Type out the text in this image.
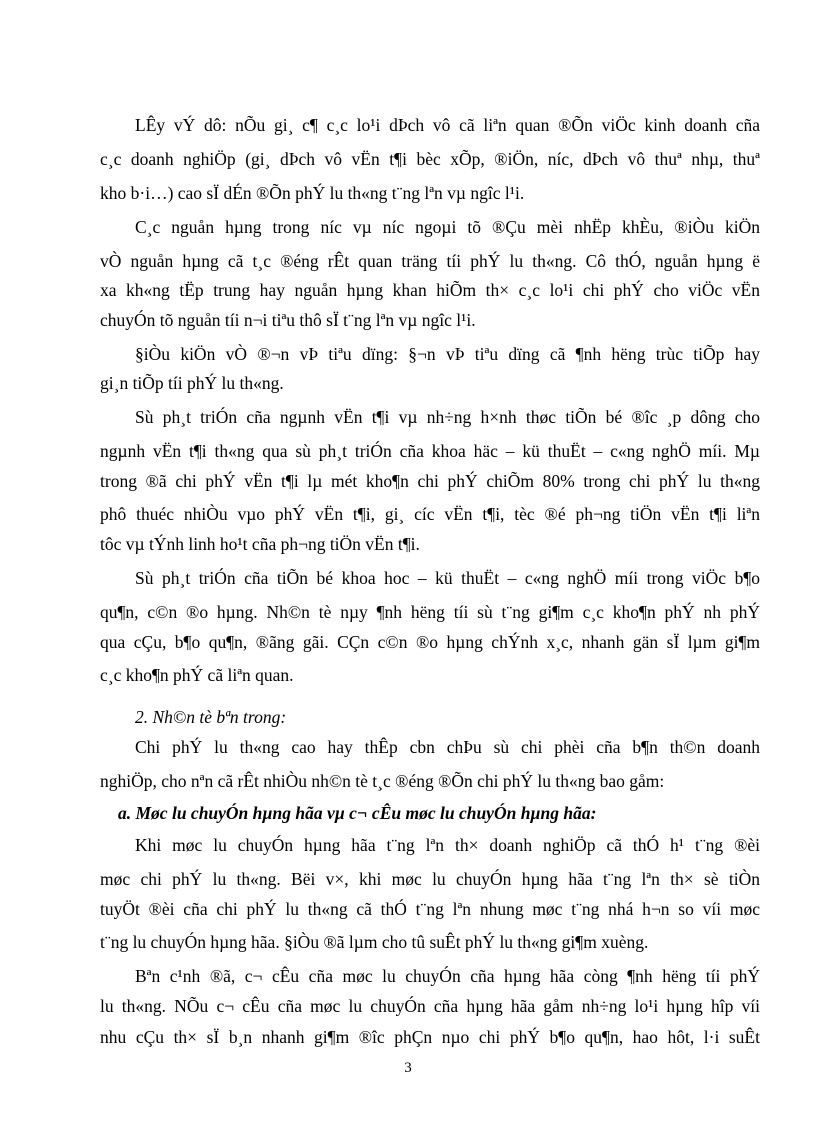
LÊy vÝ dô: nÕu gi¸ c¶ c¸c lo¹i dÞch vô cã liªn quan ®Õn viÖc kinh doanh cña
c¸c doanh nghiÖp (gi¸ dÞch vô vËn t¶i bèc xÕp, ®iÖn, níc, dÞch vô thuª nhµ, thuª
kho b·i…) cao sÏ dÉn ®Õn phÝ lu th«ng t¨ng lªn vµ ngîc l¹i.
C¸c nguån hµng trong níc vµ níc ngoµi tõ ®Çu mèi nhËp khÈu, ®iÒu kiÖn
vÒ nguån hµng cã t¸c ®éng rÊt quan träng tíi phÝ lu th«ng. Cô thÓ, nguån hµng ë
xa kh«ng tËp trung hay nguån hµng khan hiÕm th× c¸c lo¹i chi phÝ cho viÖc vËn
chuyÓn tõ nguån tíi n¬i tiªu thô sÏ t¨ng lªn vµ ngîc l¹i.
§iÒu kiÖn vÒ ®¬n vÞ tiªu dïng: §¬n vÞ tiªu dïng cã ¶nh hëng trùc tiÕp hay
gi¸n tiÕp tíi phÝ lu th«ng.
Sù ph¸t triÓn cña ngµnh vËn t¶i vµ nh÷ng h×nh thøc tiÕn bé ®îc ¸p dông cho
ngµnh vËn t¶i th«ng qua sù ph¸t triÓn cña khoa häc – kü thuËt – c«ng nghÖ míi. Mµ
trong ®ã chi phÝ vËn t¶i lµ mét kho¶n chi phÝ chiÕm 80% trong chi phÝ lu th«ng
phô thuéc nhiÒu vµo phÝ vËn t¶i, gi¸ cíc vËn t¶i, tèc ®é ph¬ng tiÖn vËn t¶i liªn
tôc vµ tÝnh linh ho¹t cña ph¬ng tiÖn vËn t¶i.
Sù ph¸t triÓn cña tiÕn bé khoa hoc – kü thuËt – c«ng nghÖ míi trong viÖc b¶o
qu¶n, c©n ®o hµng. Nh©n tè nµy ¶nh hëng tíi sù t¨ng gi¶m c¸c kho¶n phÝ nh phÝ
qua cÇu, b¶o qu¶n, ®ãng gãi. CÇn c©n ®o hµng chÝnh x¸c, nhanh gän sÏ lµm gi¶m
c¸c kho¶n phÝ cã liªn quan.
2. Nh©n tè bªn trong:
Chi phÝ lu th«ng cao hay thÊp cbn chÞu sù chi phèi cña b¶n th©n doanh
nghiÖp, cho nªn cã rÊt nhiÒu nh©n tè t¸c ®éng ®Õn chi phÝ lu th«ng bao gåm:
a. Møc lu chuyÓn hµng hãa vµ c¬ cÊu møc lu chuyÓn hµng hãa:
Khi møc lu chuyÓn hµng hãa t¨ng lªn th× doanh nghiÖp cã thÓ h¹ t¨ng ®èi
møc chi phÝ lu th«ng. Bëi v×, khi møc lu chuyÓn hµng hãa t¨ng lªn th× sè tiÒn
tuyÖt ®èi cña chi phÝ lu th«ng cã thÓ t¨ng lªn nhung møc t¨ng nhá h¬n so víi møc
t¨ng lu chuyÓn hµng hãa. §iÒu ®ã lµm cho tû suÊt phÝ lu th«ng gi¶m xuèng.
Bªn c¹nh ®ã, c¬ cÊu cña møc lu chuyÓn cña hµng hãa còng ¶nh hëng tíi phÝ
lu th«ng. NÕu c¬ cÊu cña møc lu chuyÓn cña hµng hãa gåm nh÷ng lo¹i hµng hîp víi
nhu cÇu th× sÏ b¸n nhanh gi¶m ®îc phÇn nµo chi phÝ b¶o qu¶n, hao hôt, l·i suÊt
3
